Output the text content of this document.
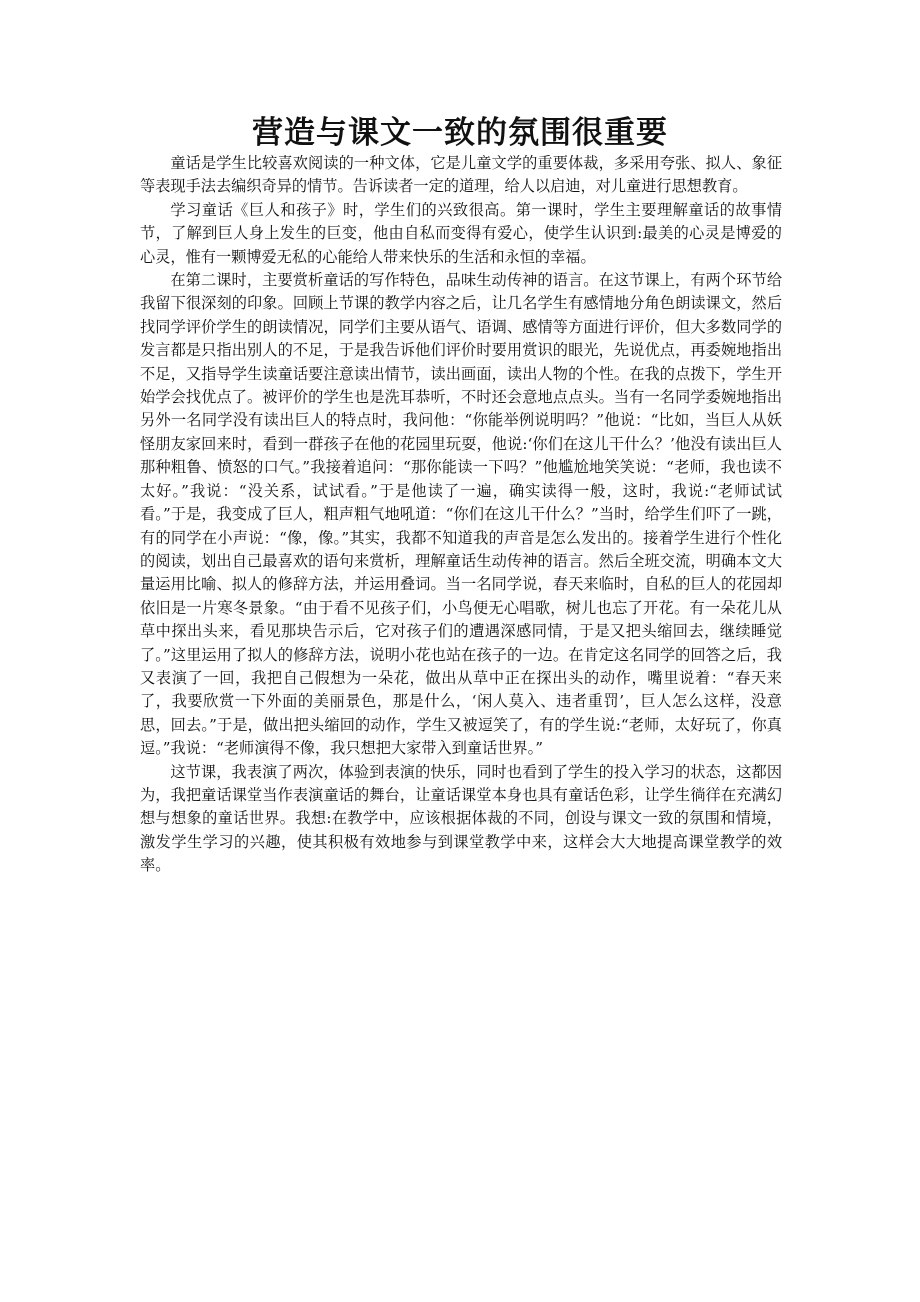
营造与课文一致的氛围很重要

童话是学生比较喜欢阅读的一种文体，它是儿童文学的重要体裁，多采用夸张、拟人、象征等表现手法去编织奇异的情节。告诉读者一定的道理，给人以启迪，对儿童进行思想教育。

学习童话《巨人和孩子》时，学生们的兴致很高。第一课时，学生主要理解童话的故事情节，了解到巨人身上发生的巨变，他由自私而变得有爱心，使学生认识到:最美的心灵是博爱的心灵，惟有一颗博爱无私的心能给人带来快乐的生活和永恒的幸福。

在第二课时，主要赏析童话的写作特色，品味生动传神的语言。在这节课上，有两个环节给我留下很深刻的印象。回顾上节课的教学内容之后，让几名学生有感情地分角色朗读课文，然后找同学评价学生的朗读情况，同学们主要从语气、语调、感情等方面进行评价，但大多数同学的发言都是只指出别人的不足，于是我告诉他们评价时要用赏识的眼光，先说优点，再委婉地指出不足，又指导学生读童话要注意读出情节，读出画面，读出人物的个性。在我的点拨下，学生开始学会找优点了。被评价的学生也是洗耳恭听，不时还会意地点点头。当有一名同学委婉地指出另外一名同学没有读出巨人的特点时，我问他：“你能举例说明吗？”他说：“比如，当巨人从妖怪朋友家回来时，看到一群孩子在他的花园里玩耍，他说:‘你们在这儿干什么？’他没有读出巨人那种粗鲁、愤怒的口气。”我接着追问：“那你能读一下吗？”他尴尬地笑笑说：“老师，我也读不太好。”我说：“没关系，试试看。”于是他读了一遍，确实读得一般，这时，我说:“老师试试看。”于是，我变成了巨人，粗声粗气地吼道：“你们在这儿干什么？”当时，给学生们吓了一跳，有的同学在小声说：“像，像。”其实，我都不知道我的声音是怎么发出的。接着学生进行个性化的阅读，划出自己最喜欢的语句来赏析，理解童话生动传神的语言。然后全班交流，明确本文大量运用比喻、拟人的修辞方法，并运用叠词。当一名同学说，春天来临时，自私的巨人的花园却依旧是一片寒冬景象。“由于看不见孩子们，小鸟便无心唱歌，树儿也忘了开花。有一朵花儿从草中探出头来，看见那块告示后，它对孩子们的遭遇深感同情，于是又把头缩回去，继续睡觉了。”这里运用了拟人的修辞方法，说明小花也站在孩子的一边。在肯定这名同学的回答之后，我又表演了一回，我把自己假想为一朵花，做出从草中正在探出头的动作，嘴里说着：“春天来了，我要欣赏一下外面的美丽景色，那是什么，‘闲人莫入、违者重罚’，巨人怎么这样，没意思，回去。”于是，做出把头缩回的动作，学生又被逗笑了，有的学生说:“老师，太好玩了，你真逗。”我说：“老师演得不像，我只想把大家带入到童话世界。”

这节课，我表演了两次，体验到表演的快乐，同时也看到了学生的投入学习的状态，这都因为，我把童话课堂当作表演童话的舞台，让童话课堂本身也具有童话色彩，让学生徜徉在充满幻想与想象的童话世界。我想:在教学中，应该根据体裁的不同，创设与课文一致的氛围和情境，激发学生学习的兴趣，使其积极有效地参与到课堂教学中来，这样会大大地提高课堂教学的效率。
